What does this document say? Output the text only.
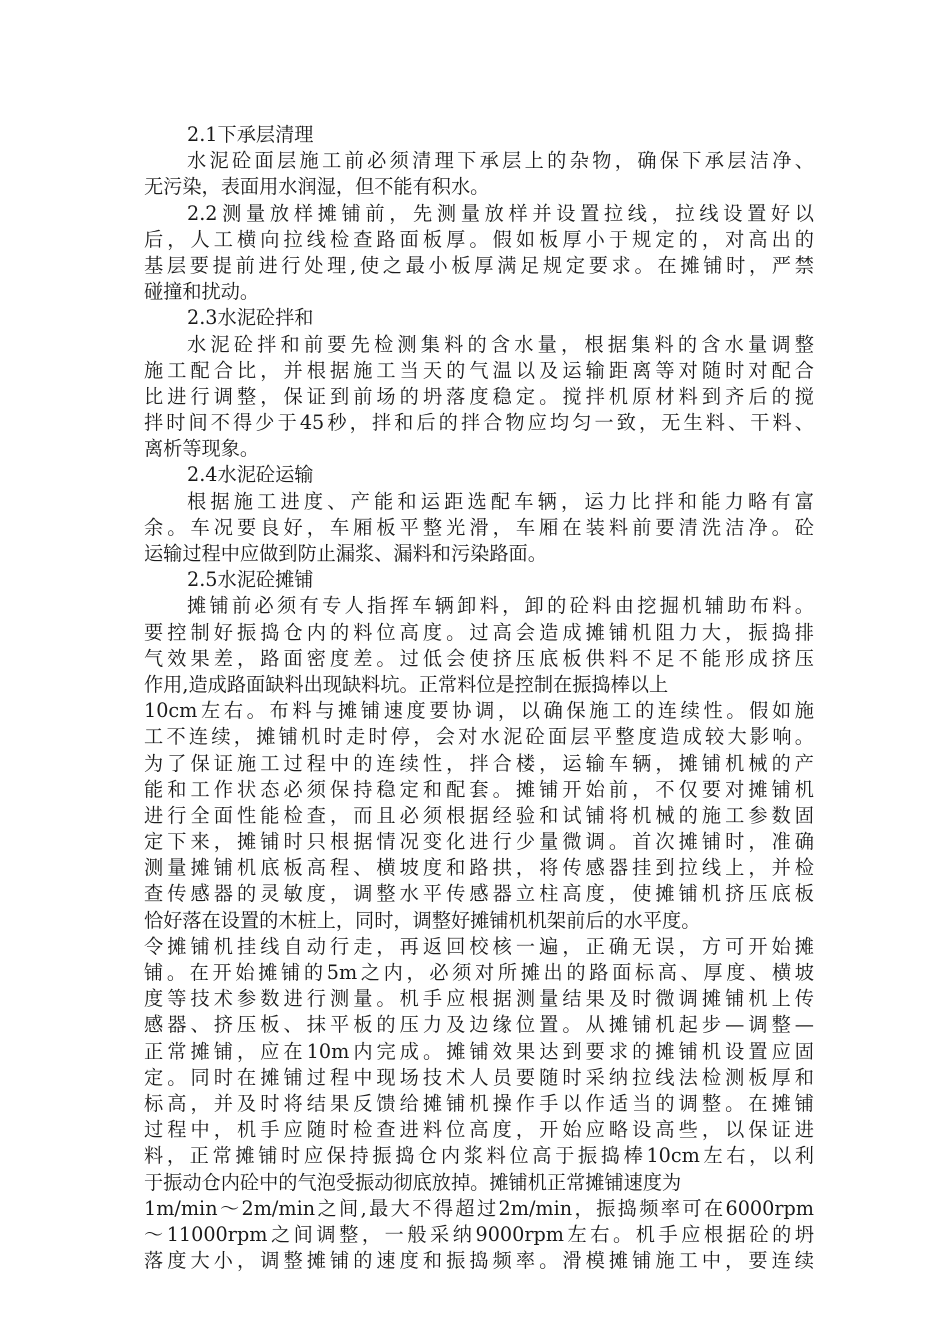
2.1下承层清理
水泥砼面层施工前必须清理下承层上的杂物，确保下承层洁净、
无污染，表面用水润湿，但不能有积水。
2.2测量放样摊铺前，先测量放样并设置拉线，拉线设置好以
后，人工横向拉线检查路面板厚。假如板厚小于规定的，对高出的
基层要提前进行处理,使之最小板厚满足规定要求。在摊铺时，严禁
碰撞和扰动。
2.3水泥砼拌和
水泥砼拌和前要先检测集料的含水量，根据集料的含水量调整
施工配合比，并根据施工当天的气温以及运输距离等对随时对配合
比进行调整，保证到前场的坍落度稳定。搅拌机原材料到齐后的搅
拌时间不得少于45秒，拌和后的拌合物应均匀一致，无生料、干料、
离析等现象。
2.4水泥砼运输
根据施工进度、产能和运距选配车辆，运力比拌和能力略有富
余。车况要良好，车厢板平整光滑，车厢在装料前要清洗洁净。砼
运输过程中应做到防止漏浆、漏料和污染路面。
2.5水泥砼摊铺
摊铺前必须有专人指挥车辆卸料，卸的砼料由挖掘机辅助布料。
要控制好振捣仓内的料位高度。过高会造成摊铺机阻力大，振捣排
气效果差，路面密度差。过低会使挤压底板供料不足不能形成挤压
作用,造成路面缺料出现缺料坑。正常料位是控制在振捣棒以上
10cm左右。布料与摊铺速度要协调，以确保施工的连续性。假如施
工不连续，摊铺机时走时停，会对水泥砼面层平整度造成较大影响。
为了保证施工过程中的连续性，拌合楼，运输车辆，摊铺机械的产
能和工作状态必须保持稳定和配套。摊铺开始前，不仅要对摊铺机
进行全面性能检查，而且必须根据经验和试铺将机械的施工参数固
定下来，摊铺时只根据情况变化进行少量微调。首次摊铺时，准确
测量摊铺机底板高程、横坡度和路拱，将传感器挂到拉线上，并检
查传感器的灵敏度，调整水平传感器立柱高度，使摊铺机挤压底板
恰好落在设置的木桩上，同时，调整好摊铺机机架前后的水平度。
令摊铺机挂线自动行走，再返回校核一遍，正确无误，方可开始摊
铺。在开始摊铺的5m之内，必须对所摊出的路面标高、厚度、横坡
度等技术参数进行测量。机手应根据测量结果及时微调摊铺机上传
感器、挤压板、抹平板的压力及边缘位置。从摊铺机起步—调整—
正常摊铺，应在10m内完成。摊铺效果达到要求的摊铺机设置应固
定。同时在摊铺过程中现场技术人员要随时采纳拉线法检测板厚和
标高，并及时将结果反馈给摊铺机操作手以作适当的调整。在摊铺
过程中，机手应随时检查进料位高度，开始应略设高些，以保证进
料，正常摊铺时应保持振捣仓内浆料位高于振捣棒10cm左右，以利
于振动仓内砼中的气泡受振动彻底放掉。摊铺机正常摊铺速度为
1m/min～2m/min之间,最大不得超过2m/min，振捣频率可在6000rpm
～11000rpm之间调整，一般采纳9000rpm左右。机手应根据砼的坍
落度大小，调整摊铺的速度和振捣频率。滑模摊铺施工中，要连续
